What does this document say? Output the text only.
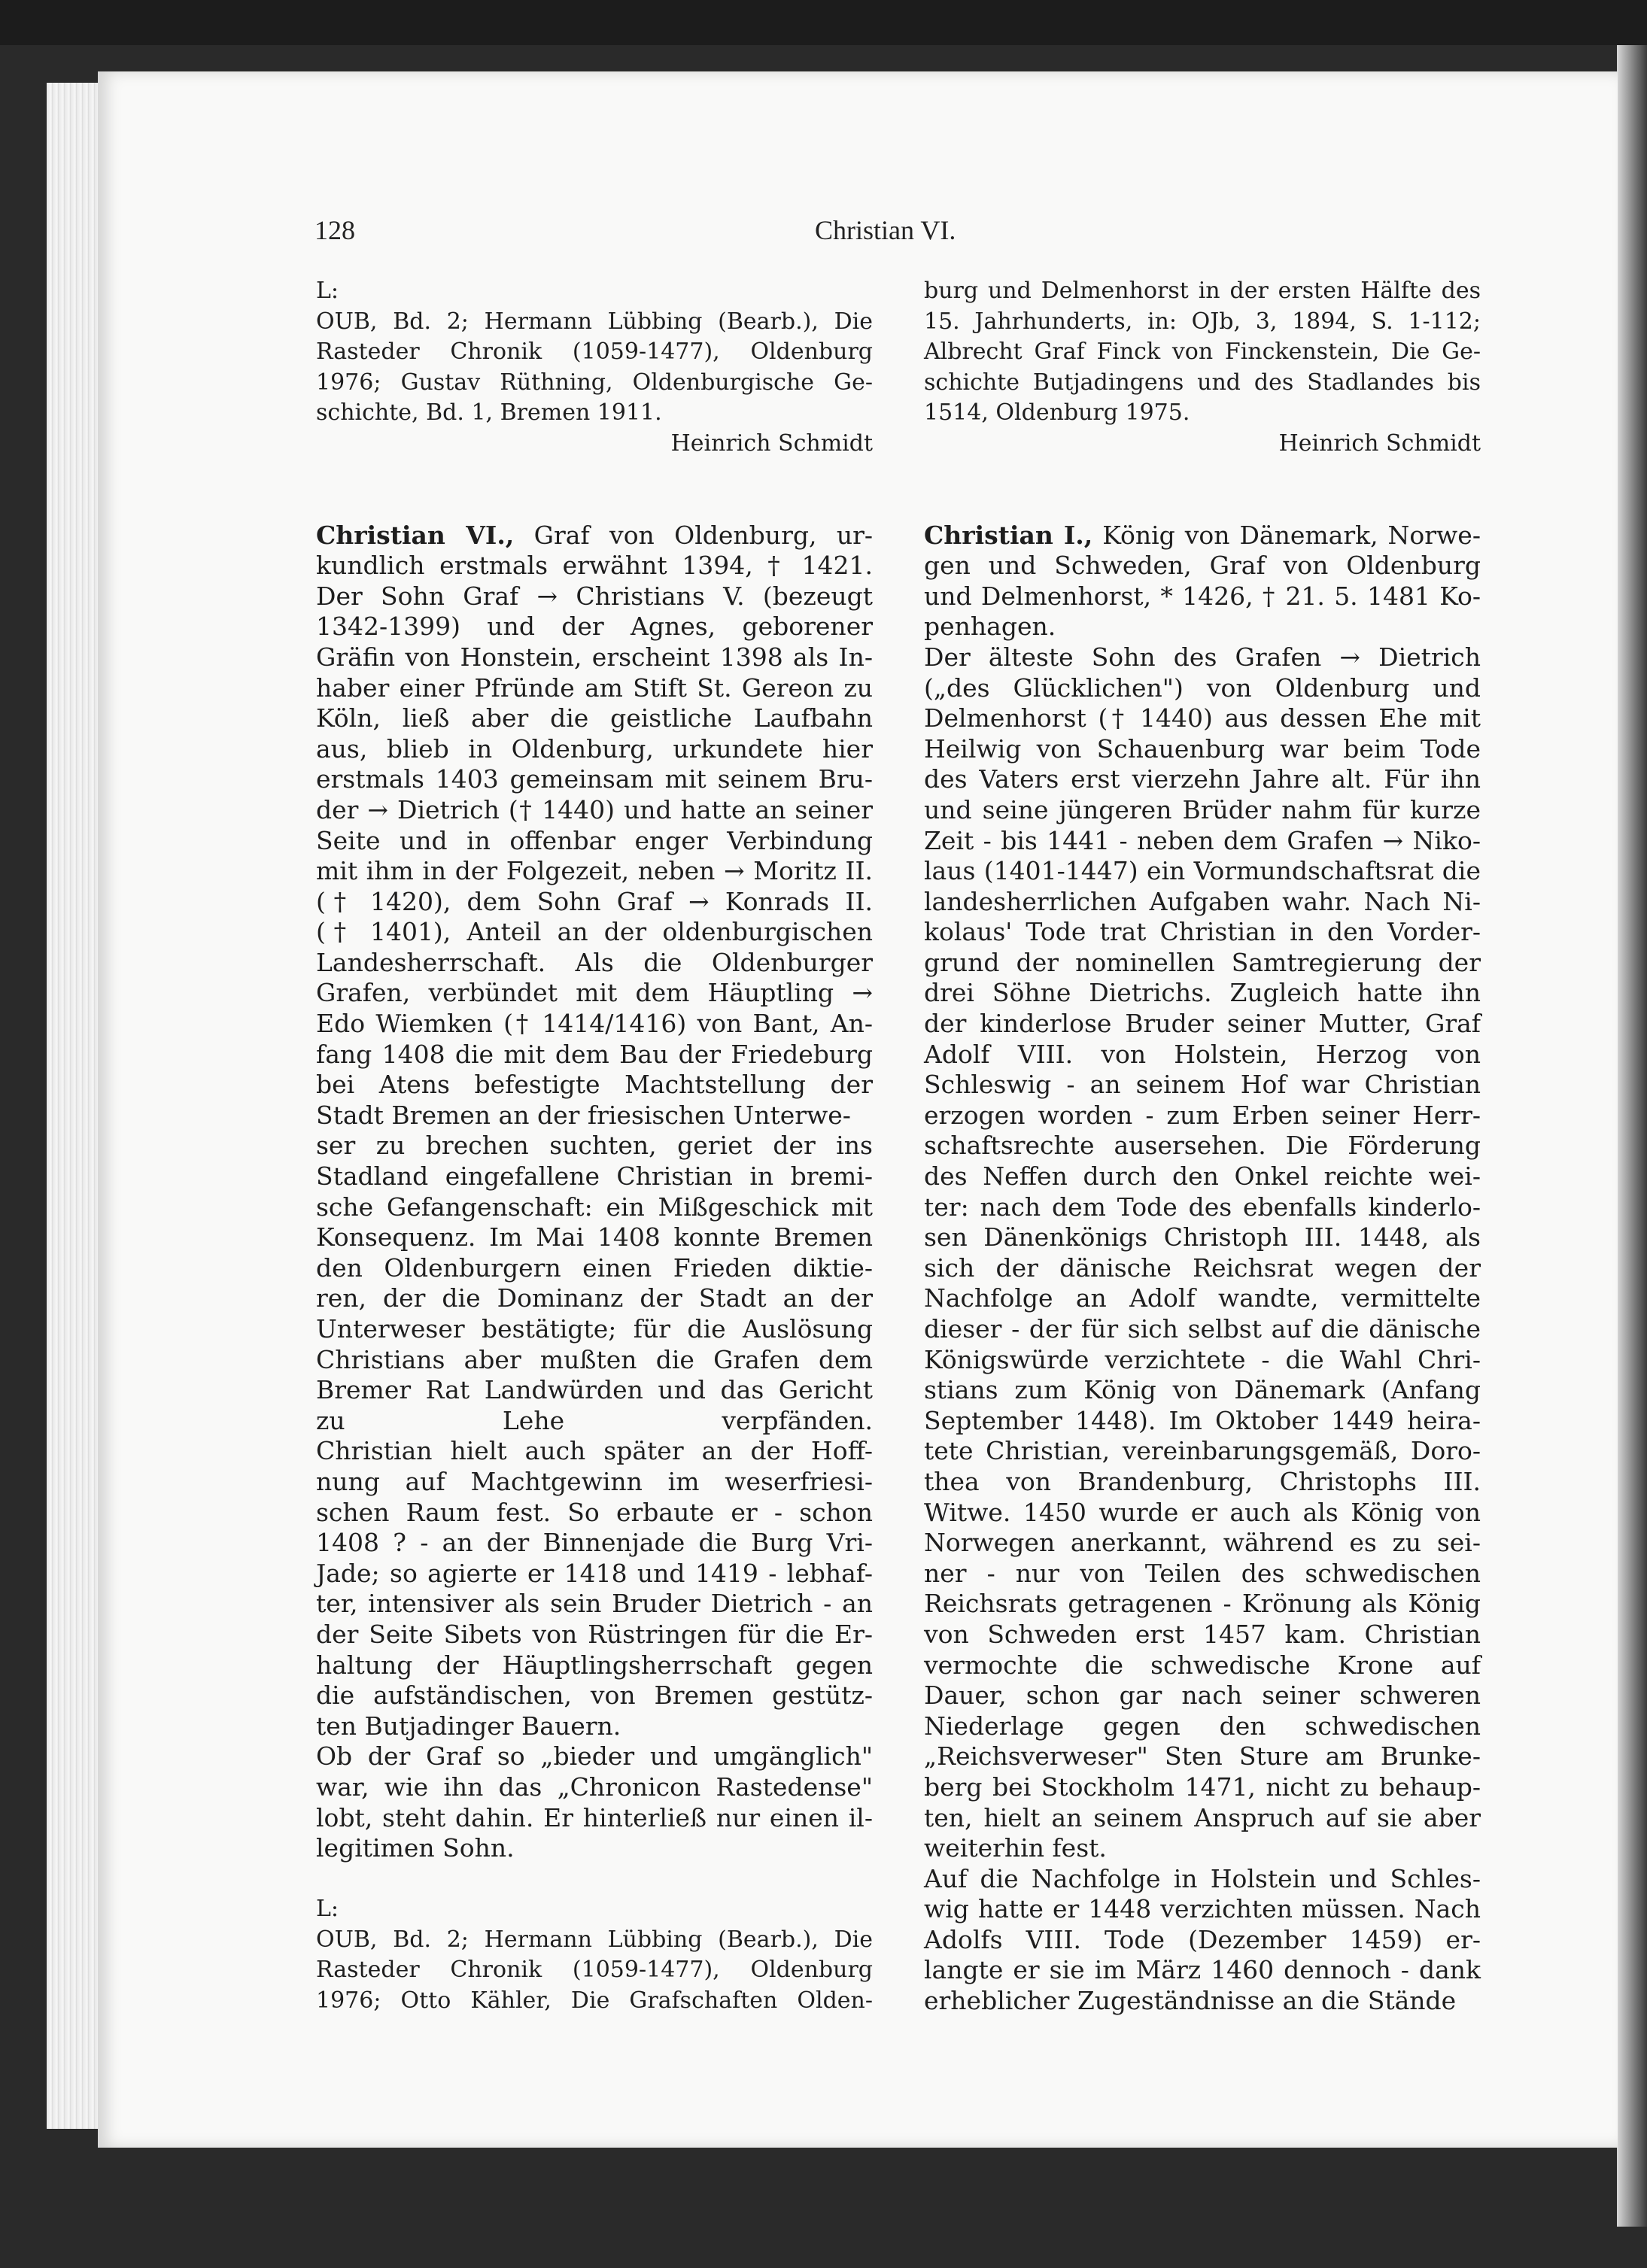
128	Christian VI.
L:
OUB, Bd. 2; Hermann Lübbing (Bearb.), Die
Rasteder Chronik (1059-1477), Oldenburg
1976; Gustav Rüthning, Oldenburgische Ge-
schichte, Bd. 1, Bremen 1911.
Heinrich Schmidt
Christian VI., Graf von Oldenburg, ur-
kundlich erstmals erwähnt 1394, † 1421.
Der Sohn Graf → Christians V. (bezeugt
1342-1399) und der Agnes, geborener
Gräfin von Honstein, erscheint 1398 als In-
haber einer Pfründe am Stift St. Gereon zu
Köln, ließ aber die geistliche Laufbahn
aus, blieb in Oldenburg, urkundete hier
erstmals 1403 gemeinsam mit seinem Bru-
der → Dietrich († 1440) und hatte an seiner
Seite und in offenbar enger Verbindung
mit ihm in der Folgezeit, neben → Moritz II.
(† 1420), dem Sohn Graf → Konrads II.
(† 1401), Anteil an der oldenburgischen
Landesherrschaft. Als die Oldenburger
Grafen, verbündet mit dem Häuptling →
Edo Wiemken († 1414/1416) von Bant, An-
fang 1408 die mit dem Bau der Friedeburg
bei Atens befestigte Machtstellung der
Stadt Bremen an der friesischen Unterwe-
ser zu brechen suchten, geriet der ins
Stadland eingefallene Christian in bremi-
sche Gefangenschaft: ein Mißgeschick mit
Konsequenz. Im Mai 1408 konnte Bremen
den Oldenburgern einen Frieden diktie-
ren, der die Dominanz der Stadt an der
Unterweser bestätigte; für die Auslösung
Christians aber mußten die Grafen dem
Bremer Rat Landwürden und das Gericht
zu Lehe verpfänden.
Christian hielt auch später an der Hoff-
nung auf Machtgewinn im weserfriesi-
schen Raum fest. So erbaute er - schon
1408 ? - an der Binnenjade die Burg Vri-
Jade; so agierte er 1418 und 1419 - lebhaf-
ter, intensiver als sein Bruder Dietrich - an
der Seite Sibets von Rüstringen für die Er-
haltung der Häuptlingsherrschaft gegen
die aufständischen, von Bremen gestütz-
ten Butjadinger Bauern.
Ob der Graf so „bieder und umgänglich"
war, wie ihn das „Chronicon Rastedense"
lobt, steht dahin. Er hinterließ nur einen il-
legitimen Sohn.
L:
OUB, Bd. 2; Hermann Lübbing (Bearb.), Die
Rasteder Chronik (1059-1477), Oldenburg
1976; Otto Kähler, Die Grafschaften Olden-
burg und Delmenhorst in der ersten Hälfte des
15. Jahrhunderts, in: OJb, 3, 1894, S. 1-112;
Albrecht Graf Finck von Finckenstein, Die Ge-
schichte Butjadingens und des Stadlandes bis
1514, Oldenburg 1975.
Heinrich Schmidt
Christian I., König von Dänemark, Norwe-
gen und Schweden, Graf von Oldenburg
und Delmenhorst, * 1426, † 21. 5. 1481 Ko-
penhagen.
Der älteste Sohn des Grafen → Dietrich
(„des Glücklichen") von Oldenburg und
Delmenhorst († 1440) aus dessen Ehe mit
Heilwig von Schauenburg war beim Tode
des Vaters erst vierzehn Jahre alt. Für ihn
und seine jüngeren Brüder nahm für kurze
Zeit - bis 1441 - neben dem Grafen → Niko-
laus (1401-1447) ein Vormundschaftsrat die
landesherrlichen Aufgaben wahr. Nach Ni-
kolaus' Tode trat Christian in den Vorder-
grund der nominellen Samtregierung der
drei Söhne Dietrichs. Zugleich hatte ihn
der kinderlose Bruder seiner Mutter, Graf
Adolf VIII. von Holstein, Herzog von
Schleswig - an seinem Hof war Christian
erzogen worden - zum Erben seiner Herr-
schaftsrechte ausersehen. Die Förderung
des Neffen durch den Onkel reichte wei-
ter: nach dem Tode des ebenfalls kinderlo-
sen Dänenkönigs Christoph III. 1448, als
sich der dänische Reichsrat wegen der
Nachfolge an Adolf wandte, vermittelte
dieser - der für sich selbst auf die dänische
Königswürde verzichtete - die Wahl Chri-
stians zum König von Dänemark (Anfang
September 1448). Im Oktober 1449 heira-
tete Christian, vereinbarungsgemäß, Doro-
thea von Brandenburg, Christophs III.
Witwe. 1450 wurde er auch als König von
Norwegen anerkannt, während es zu sei-
ner - nur von Teilen des schwedischen
Reichsrats getragenen - Krönung als König
von Schweden erst 1457 kam. Christian
vermochte die schwedische Krone auf
Dauer, schon gar nach seiner schweren
Niederlage gegen den schwedischen
„Reichsverweser" Sten Sture am Brunke-
berg bei Stockholm 1471, nicht zu behaup-
ten, hielt an seinem Anspruch auf sie aber
weiterhin fest.
Auf die Nachfolge in Holstein und Schles-
wig hatte er 1448 verzichten müssen. Nach
Adolfs VIII. Tode (Dezember 1459) er-
langte er sie im März 1460 dennoch - dank
erheblicher Zugeständnisse an die Stände
